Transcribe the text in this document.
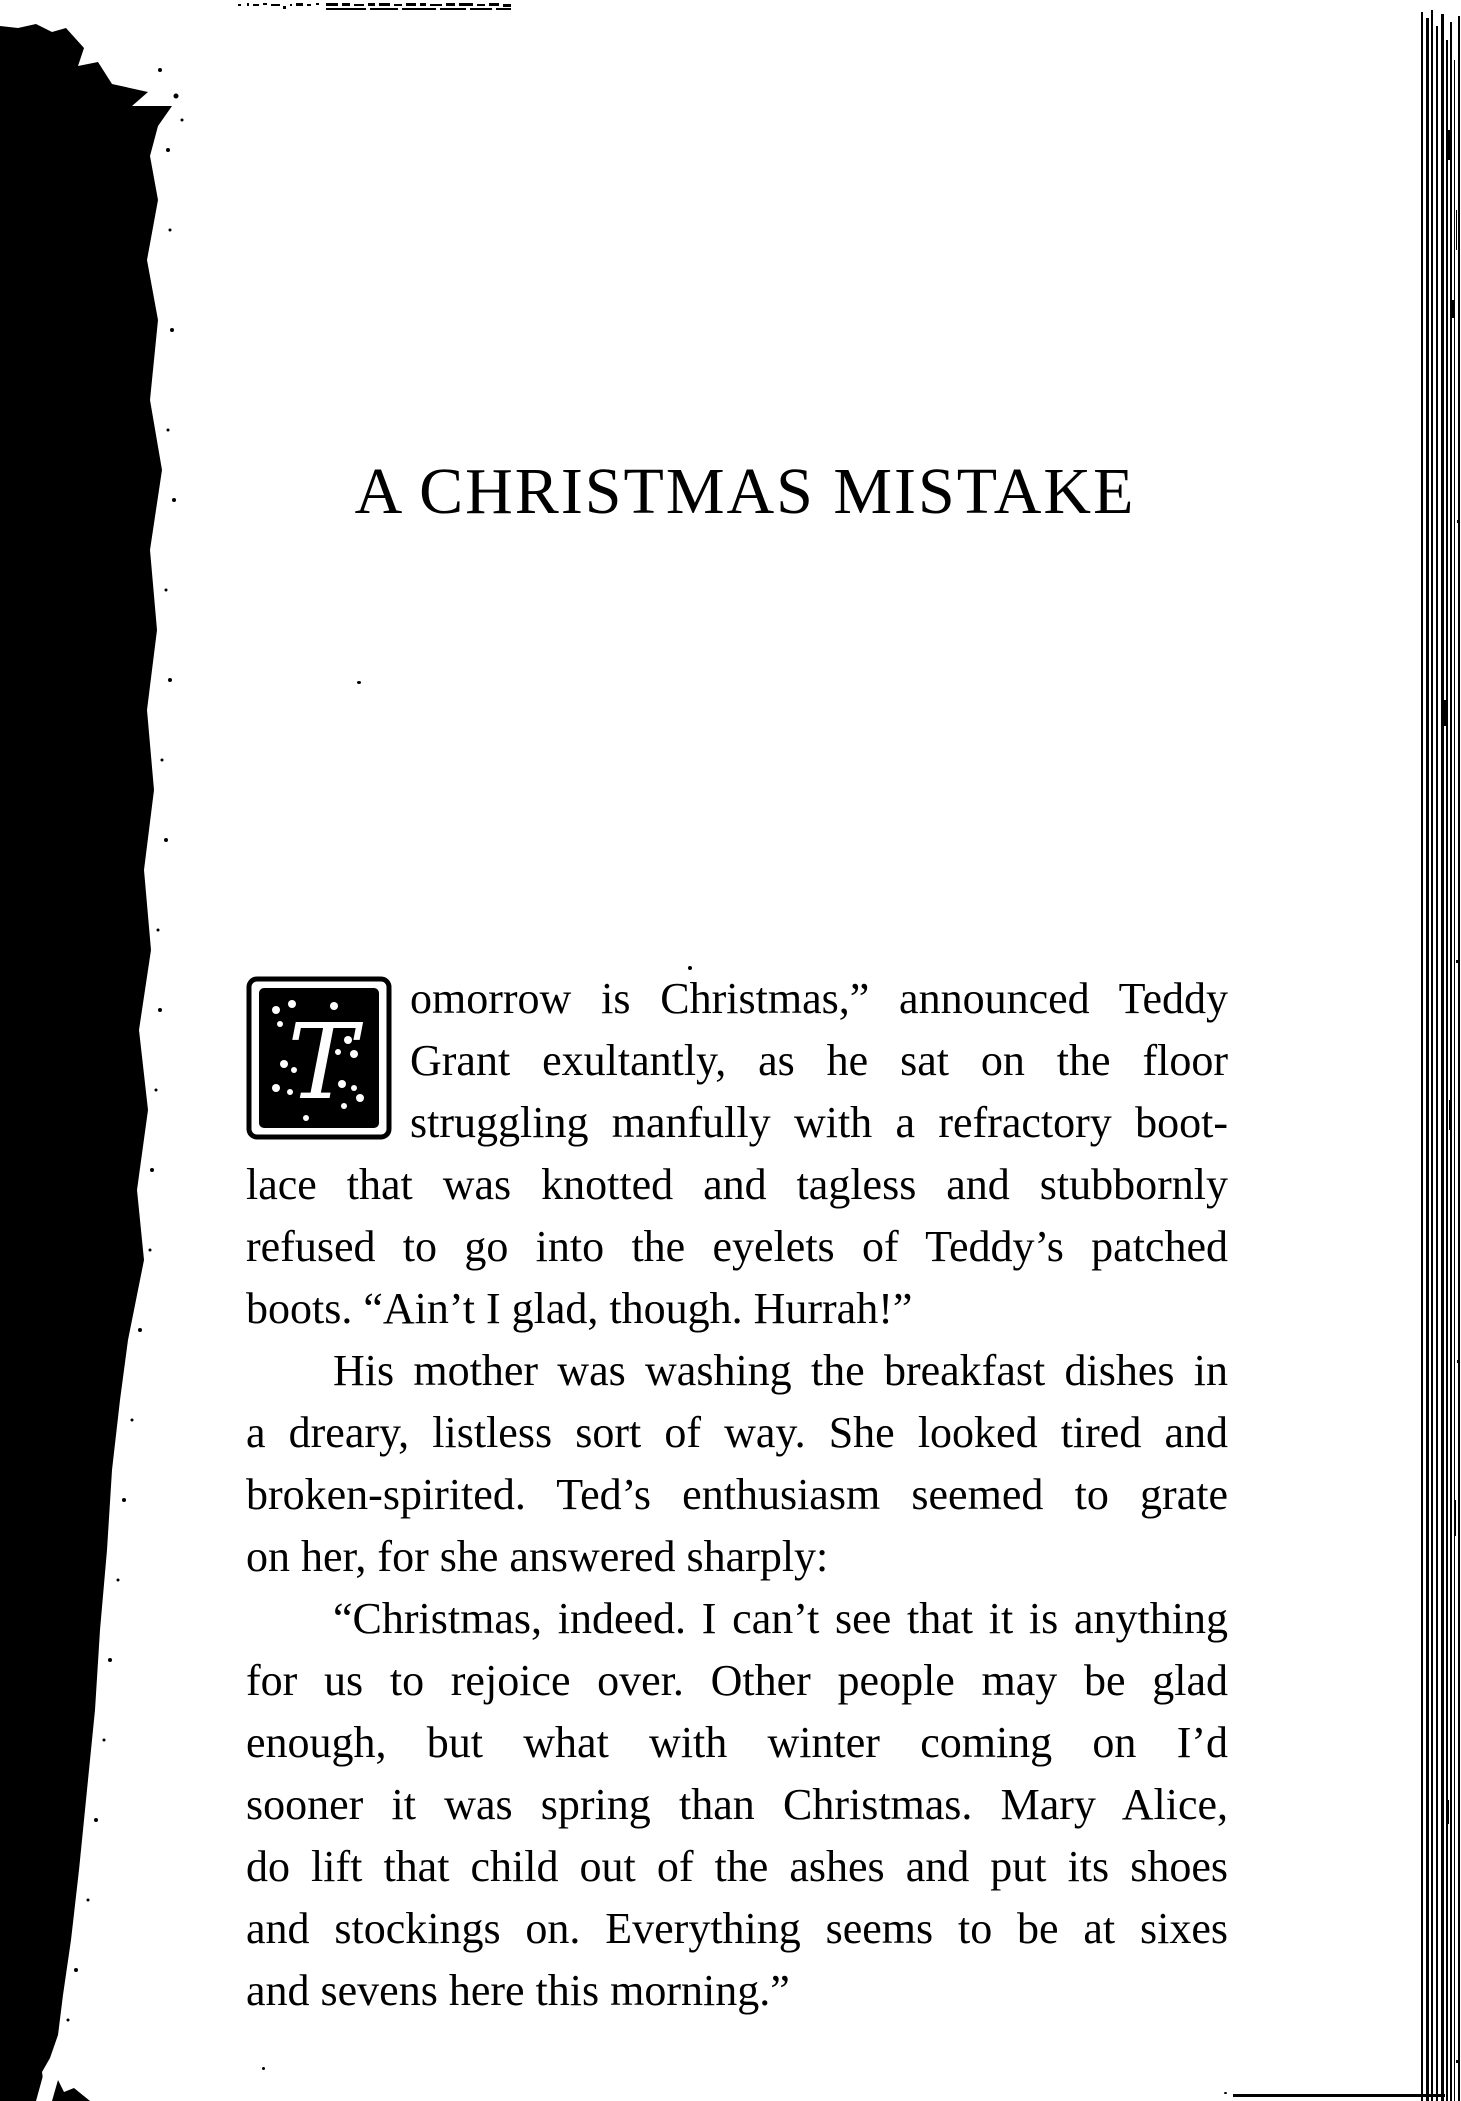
A CHRISTMAS MISTAKE
T
omorrow is Christmas,” announced Teddy
Grant exultantly, as he sat on the floor
struggling manfully with a refractory boot-
lace that was knotted and tagless and stubbornly
refused to go into the eyelets of Teddy’s patched
boots. “Ain’t I glad, though. Hurrah!”
His mother was washing the breakfast dishes in
a dreary, listless sort of way. She looked tired and
broken-spirited. Ted’s enthusiasm seemed to grate
on her, for she answered sharply:
“Christmas, indeed. I can’t see that it is anything
for us to rejoice over. Other people may be glad
enough, but what with winter coming on I’d
sooner it was spring than Christmas. Mary Alice,
do lift that child out of the ashes and put its shoes
and stockings on. Everything seems to be at sixes
and sevens here this morning.”
